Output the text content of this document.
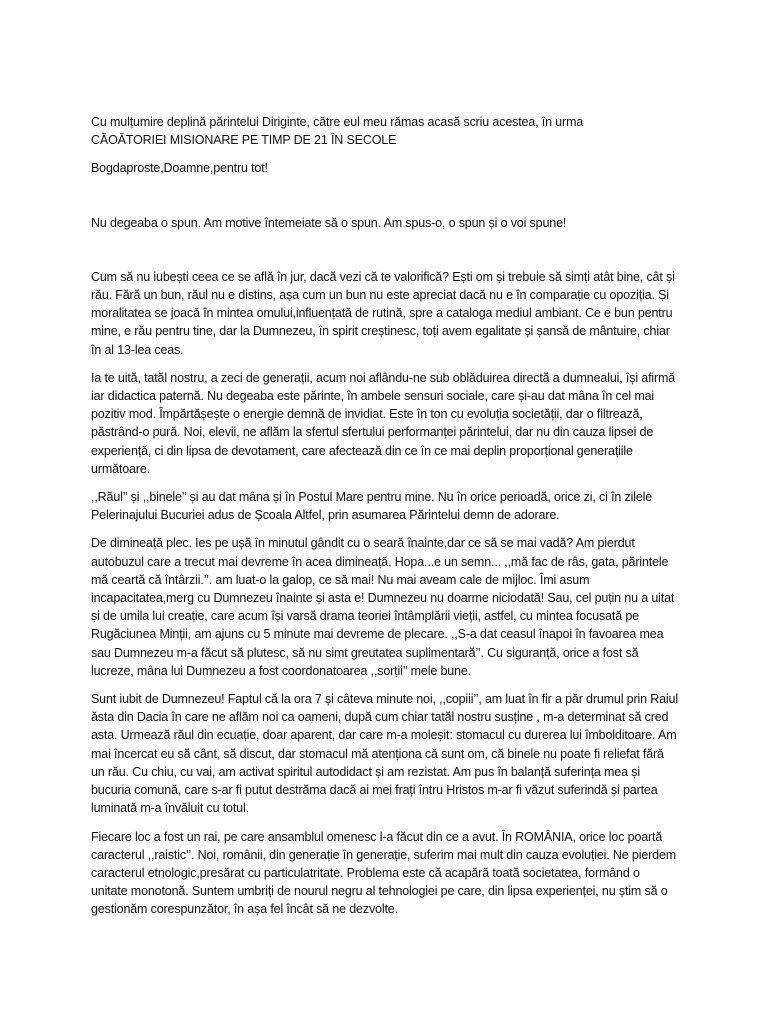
Cu mulțumire deplină părintelui Diriginte, către eul meu rămas acasă scriu acestea, în urma
CĂOĂTORIEI MISIONARE PE TIMP DE 21 ÎN SECOLE

Bogdaproste,Doamne,pentru tot!

Nu degeaba o spun. Am motive întemeiate să o spun. Am spus-o, o spun și o voi spune!

Cum să nu iubești ceea ce se află în jur, dacă vezi că te valorifică? Ești om și trebuie să simți atât bine, cât și rău. Fără un bun, răul nu e distins, așa cum un bun nu este apreciat dacă nu e în comparație cu opoziția. Și moralitatea se joacă în mintea omului,influențată de rutină, spre a cataloga mediul ambiant. Ce e bun pentru mine, e rău pentru tine, dar la Dumnezeu, în spirit creștinesc, toți avem egalitate și șansă de mântuire, chiar în al 13-lea ceas.

Ia te uită, tatăl nostru, a zeci de generații, acum noi aflându-ne sub oblăduirea directă a dumnealui, își afirmă iar didactica paternă. Nu degeaba este părinte, în ambele sensuri sociale, care și-au dat mâna în cel mai pozitiv mod. Împărtășește o energie demnă de invidiat. Este în ton cu evoluția societății, dar o filtrează, păstrând-o pură. Noi, elevii, ne aflăm la sfertul sfertului performanței părintelui, dar nu din cauza lipsei de experiență, ci din lipsa de devotament, care afectează din ce în ce mai deplin proporțional generațiile următoare.

,,Răul’’ și ,,binele’’ și au dat mâna și în Postul Mare pentru mine. Nu în orice perioadă, orice zi, ci în zilele Pelerinajului Bucuriei adus de Școala Altfel, prin asumarea Părintelui demn de adorare.

De dimineață plec. Ies pe ușă în minutul gândit cu o seară înainte,dar ce să se mai vadă? Am pierdut autobuzul care a trecut mai devreme în acea dimineață. Hopa...e un semn... ,,mă fac de râs, gata, părintele mă ceartă că întârzii.’’. am luat-o la galop, ce să mai! Nu mai aveam cale de mijloc. Îmi asum incapacitatea,merg cu Dumnezeu înainte și asta e! Dumnezeu nu doarme niciodată! Sau, cel puțin nu a uitat și de umila lui creație, care acum își varsă drama teoriei întâmplării vieții, astfel, cu mintea focusată pe Rugăciunea Minții, am ajuns cu 5 minute mai devreme de plecare. ,,S-a dat ceasul înapoi în favoarea mea sau Dumnezeu m-a făcut să plutesc, să nu simt greutatea suplimentară’’. Cu siguranță, orice a fost să lucreze, mâna lui Dumnezeu a fost coordonatoarea ,,sorții’’ mele bune.

Sunt iubit de Dumnezeu! Faptul că la ora 7 și câteva minute noi, ,,copiii’’, am luat în fir a păr drumul prin Raiul ăsta din Dacia în care ne aflăm noi ca oameni, după cum chiar tatăl nostru susține , m-a determinat să cred asta. Urmează răul din ecuație, doar aparent, dar care m-a moleșit: stomacul cu durerea lui îmbolditoare. Am mai încercat eu să cânt, să discut, dar stomacul mă atenționa că sunt om, că binele nu poate fi reliefat fără un rău. Cu chiu, cu vai, am activat spiritul autodidact și am rezistat. Am pus în balanță suferința mea și bucuria comună, care s-ar fi putut destrăma dacă ai mei frați întru Hristos m-ar fi văzut suferindă și partea luminată m-a învăluit cu totul.

Fiecare loc a fost un rai, pe care ansamblul omenesc l-a făcut din ce a avut. În ROMÂNIA, orice loc poartă caracterul ,,raistic’’. Noi, românii, din generație în generație, suferim mai mult din cauza evoluției. Ne pierdem caracterul etnologic,presărat cu particulatritate. Problema este că acapără toată societatea, formând o unitate monotonă. Suntem umbriți de nourul negru al tehnologiei pe care, din lipsa experienței, nu știm să o gestionăm corespunzător, în așa fel încât să ne dezvolte.
